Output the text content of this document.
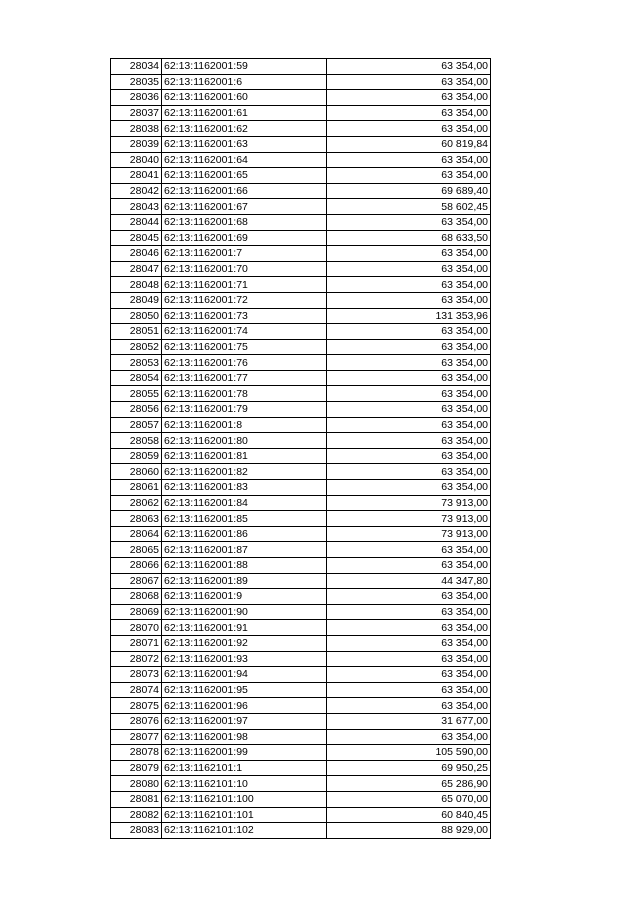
28034	62:13:1162001:59	63 354,00
28035	62:13:1162001:6	63 354,00
28036	62:13:1162001:60	63 354,00
28037	62:13:1162001:61	63 354,00
28038	62:13:1162001:62	63 354,00
28039	62:13:1162001:63	60 819,84
28040	62:13:1162001:64	63 354,00
28041	62:13:1162001:65	63 354,00
28042	62:13:1162001:66	69 689,40
28043	62:13:1162001:67	58 602,45
28044	62:13:1162001:68	63 354,00
28045	62:13:1162001:69	68 633,50
28046	62:13:1162001:7	63 354,00
28047	62:13:1162001:70	63 354,00
28048	62:13:1162001:71	63 354,00
28049	62:13:1162001:72	63 354,00
28050	62:13:1162001:73	131 353,96
28051	62:13:1162001:74	63 354,00
28052	62:13:1162001:75	63 354,00
28053	62:13:1162001:76	63 354,00
28054	62:13:1162001:77	63 354,00
28055	62:13:1162001:78	63 354,00
28056	62:13:1162001:79	63 354,00
28057	62:13:1162001:8	63 354,00
28058	62:13:1162001:80	63 354,00
28059	62:13:1162001:81	63 354,00
28060	62:13:1162001:82	63 354,00
28061	62:13:1162001:83	63 354,00
28062	62:13:1162001:84	73 913,00
28063	62:13:1162001:85	73 913,00
28064	62:13:1162001:86	73 913,00
28065	62:13:1162001:87	63 354,00
28066	62:13:1162001:88	63 354,00
28067	62:13:1162001:89	44 347,80
28068	62:13:1162001:9	63 354,00
28069	62:13:1162001:90	63 354,00
28070	62:13:1162001:91	63 354,00
28071	62:13:1162001:92	63 354,00
28072	62:13:1162001:93	63 354,00
28073	62:13:1162001:94	63 354,00
28074	62:13:1162001:95	63 354,00
28075	62:13:1162001:96	63 354,00
28076	62:13:1162001:97	31 677,00
28077	62:13:1162001:98	63 354,00
28078	62:13:1162001:99	105 590,00
28079	62:13:1162101:1	69 950,25
28080	62:13:1162101:10	65 286,90
28081	62:13:1162101:100	65 070,00
28082	62:13:1162101:101	60 840,45
28083	62:13:1162101:102	88 929,00
